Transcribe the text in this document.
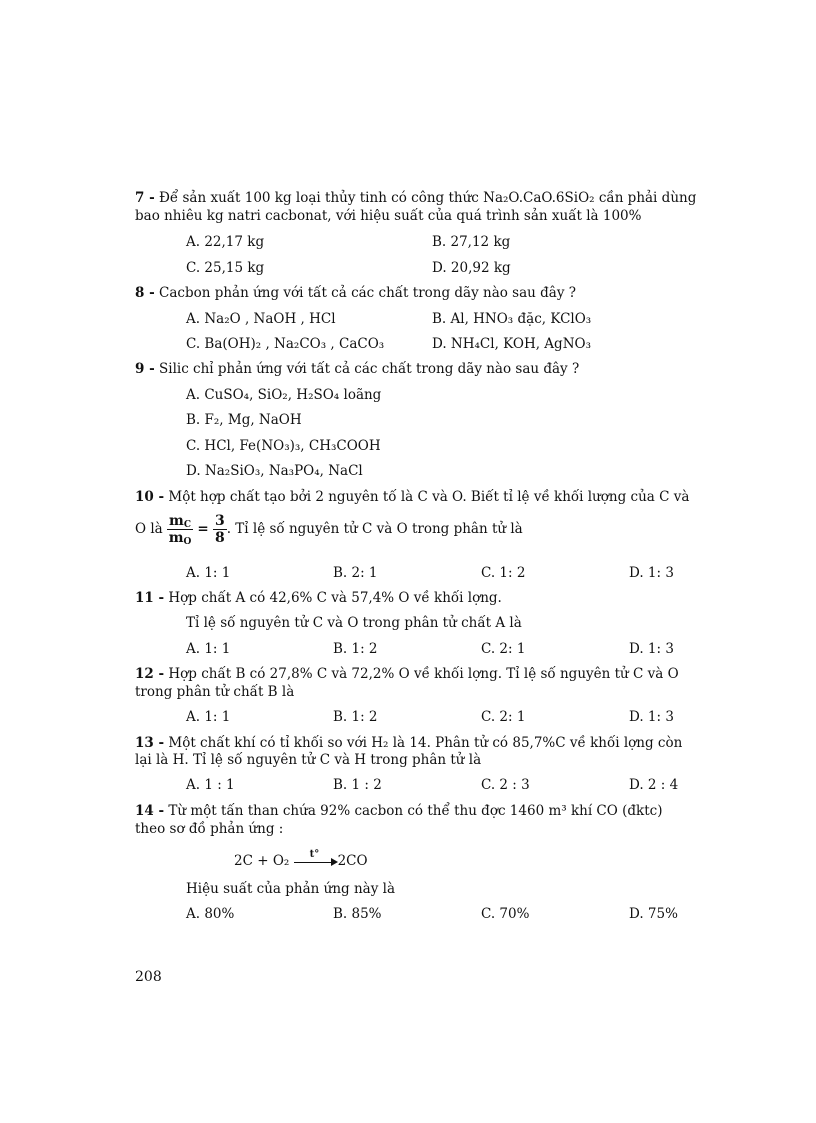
7 - Để sản xuất 100 kg loại thủy tinh có công thức Na₂O.CaO.6SiO₂ cần phải dùng
bao nhiêu kg natri cacbonat, với hiệu suất của quá trình sản xuất là 100%
A. 22,17 kg	B. 27,12 kg
C. 25,15 kg	D. 20,92 kg
8 - Cacbon phản ứng với tất cả các chất trong dãy nào sau đây ?
A. Na₂O , NaOH , HCl	B. Al, HNO₃ đặc, KClO₃
C. Ba(OH)₂ , Na₂CO₃ , CaCO₃	D. NH₄Cl, KOH, AgNO₃
9 - Silic chỉ phản ứng với tất cả các chất trong dãy nào sau đây ?
A. CuSO₄, SiO₂, H₂SO₄ loãng
B. F₂, Mg, NaOH
C. HCl, Fe(NO₃)₃, CH₃COOH
D. Na₂SiO₃, Na₃PO₄, NaCl
10 - Một hợp chất tạo bởi 2 nguyên tố là C và O. Biết tỉ lệ về khối lượng của C và
O là $\frac{m_C}{m_O} = \frac{3}{8}$ . Tỉ lệ số nguyên tử C và O trong phân tử là
A. 1: 1	B. 2: 1	C. 1: 2	D. 1: 3
11 - Hợp chất A có 42,6% C và 57,4% O về khối lợng.
Tỉ lệ số nguyên tử C và O trong phân tử chất A là
A. 1: 1	B. 1: 2	C. 2: 1	D. 1: 3
12 - Hợp chất B có 27,8% C và 72,2% O về khối lợng. Tỉ lệ số nguyên tử C và O
trong phân tử chất B là
A. 1: 1	B. 1: 2	C. 2: 1	D. 1: 3
13 - Một chất khí có tỉ khối so với H₂ là 14. Phân tử có 85,7%C về khối lợng còn
lại là H. Tỉ lệ số nguyên tử C và H trong phân tử là
A. 1 : 1	B. 1 : 2	C. 2 : 3	D. 2 : 4
14 - Từ một tấn than chứa 92% cacbon có thể thu đợc 1460 m³ khí CO (đktc)
theo sơ đồ phản ứng :
2C + O₂ t° 2CO
Hiệu suất của phản ứng này là
A. 80%	B. 85%	C. 70%	D. 75%
208
